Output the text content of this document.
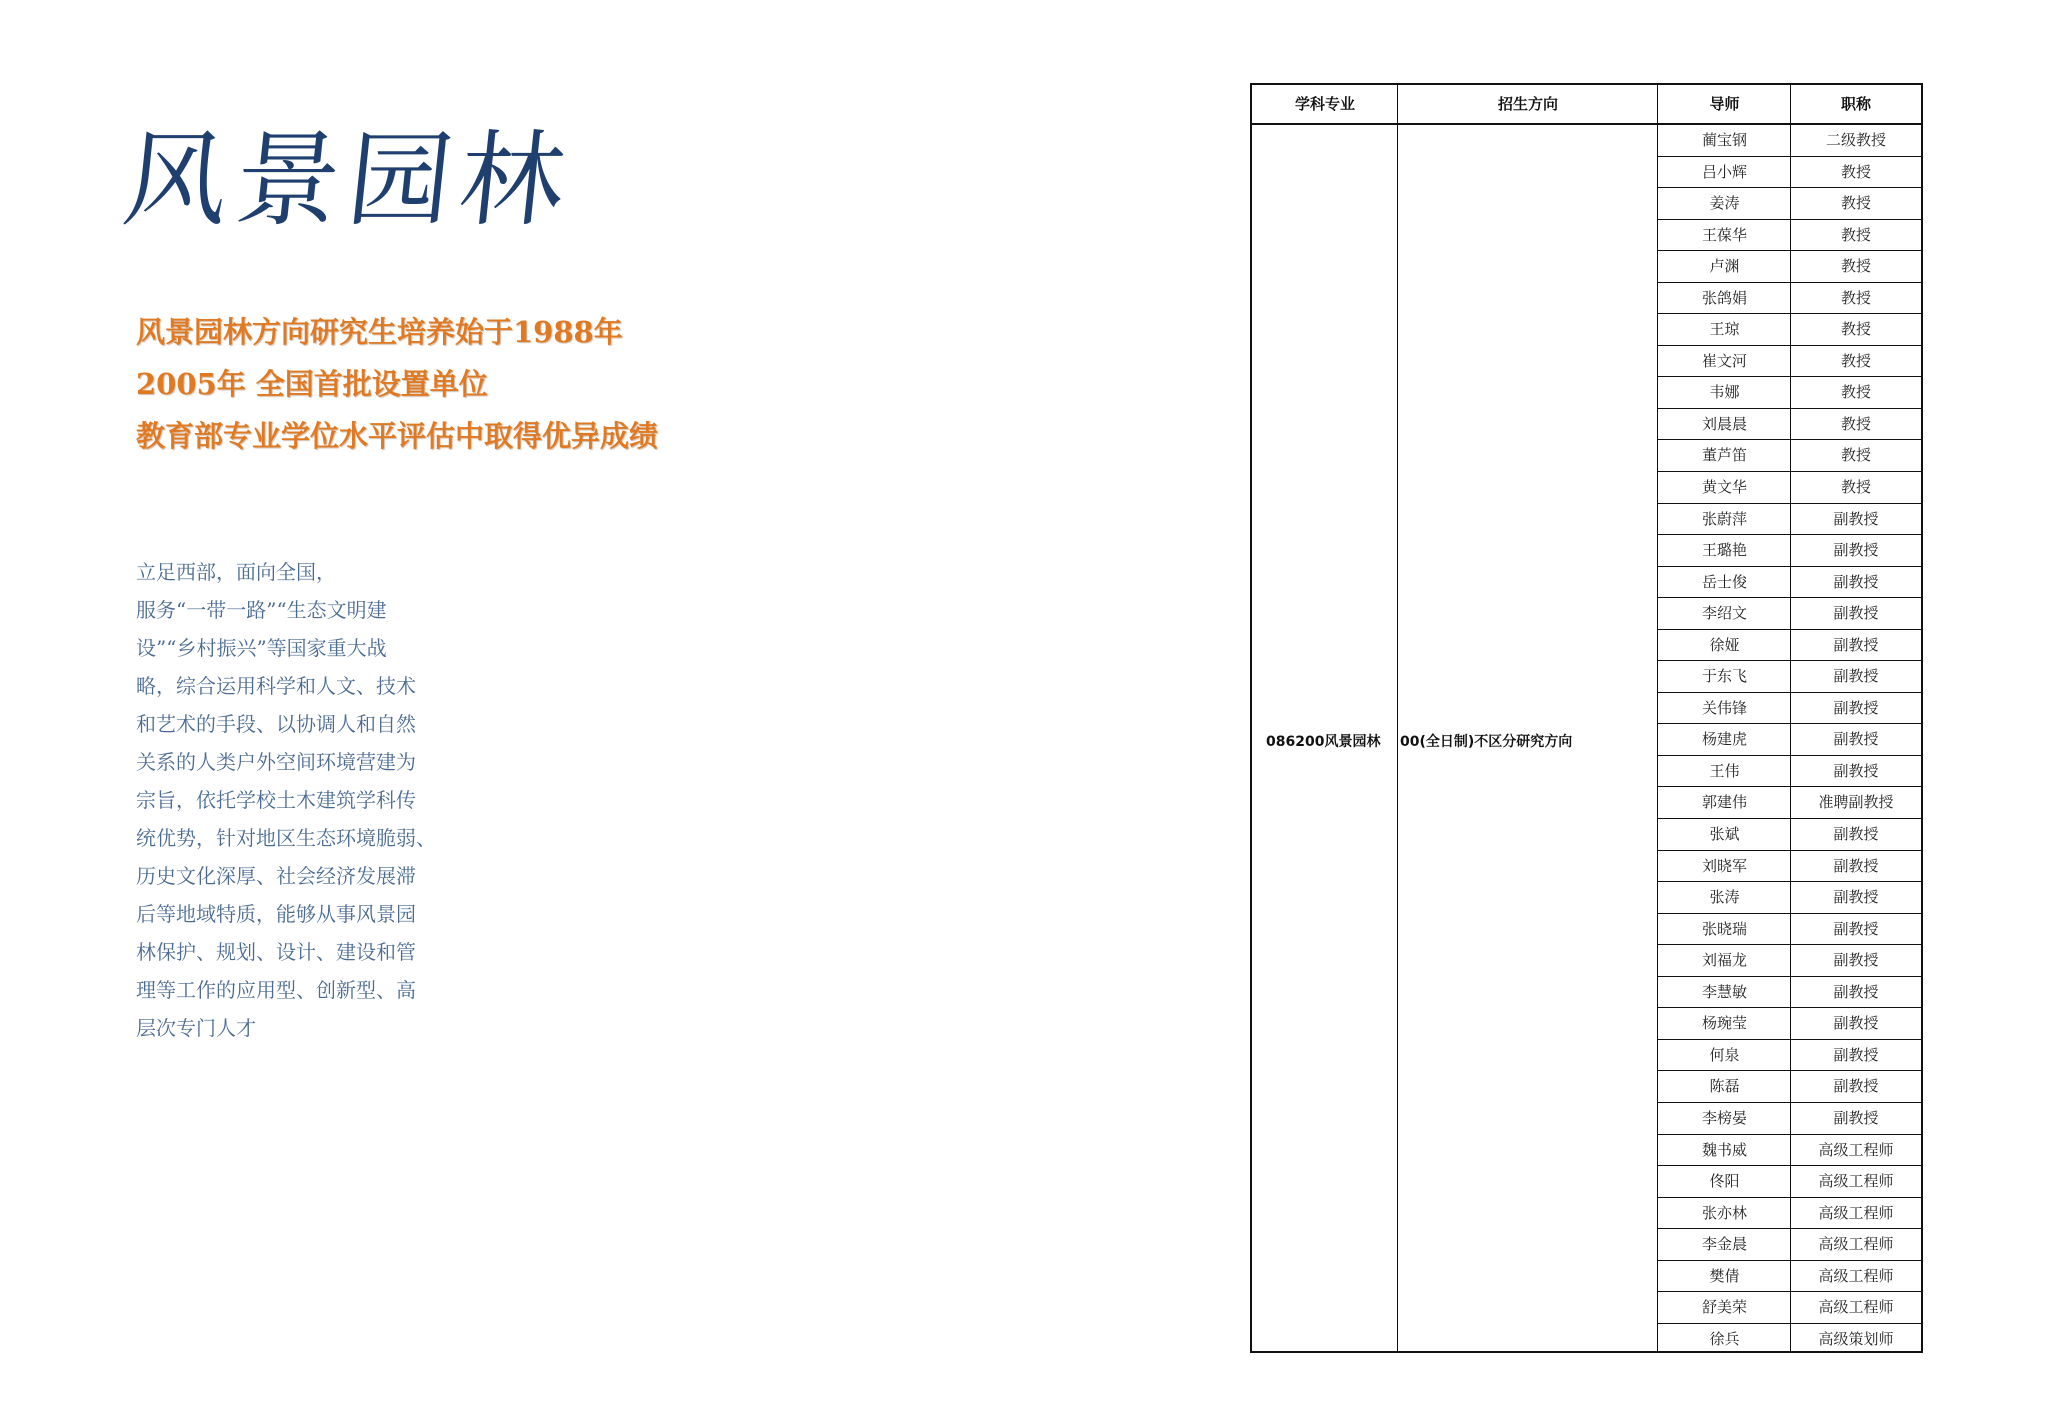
风景园林
风景园林方向研究生培养始于1988年
2005年 全国首批设置单位
教育部专业学位水平评估中取得优异成绩
立足西部，面向全国，
服务“一带一路”“生态文明建
设”“乡村振兴”等国家重大战
略，综合运用科学和人文、技术
和艺术的手段、以协调人和自然
关系的人类户外空间环境营建为
宗旨，依托学校土木建筑学科传
统优势，针对地区生态环境脆弱、
历史文化深厚、社会经济发展滞
后等地域特质，能够从事风景园
林保护、规划、设计、建设和管
理等工作的应用型、创新型、高
层次专门人才
学科专业	招生方向	导师	职称
086200风景园林 00(全日制)不区分研究方向
蔺宝钢	二级教授
吕小辉	教授
姜涛	教授
王葆华	教授
卢渊	教授
张鸽娟	教授
王琼	教授
崔文河	教授
韦娜	教授
刘晨晨	教授
董芦笛	教授
黄文华	教授
张蔚萍	副教授
王璐艳	副教授
岳士俊	副教授
李绍文	副教授
徐娅	副教授
于东飞	副教授
关伟锋	副教授
杨建虎	副教授
王伟	副教授
郭建伟	准聘副教授
张斌	副教授
刘晓军	副教授
张涛	副教授
张晓瑞	副教授
刘福龙	副教授
李慧敏	副教授
杨琬莹	副教授
何泉	副教授
陈磊	副教授
李榜晏	副教授
魏书威	高级工程师
佟阳	高级工程师
张亦林	高级工程师
李金晨	高级工程师
樊倩	高级工程师
舒美荣	高级工程师
徐兵	高级策划师
